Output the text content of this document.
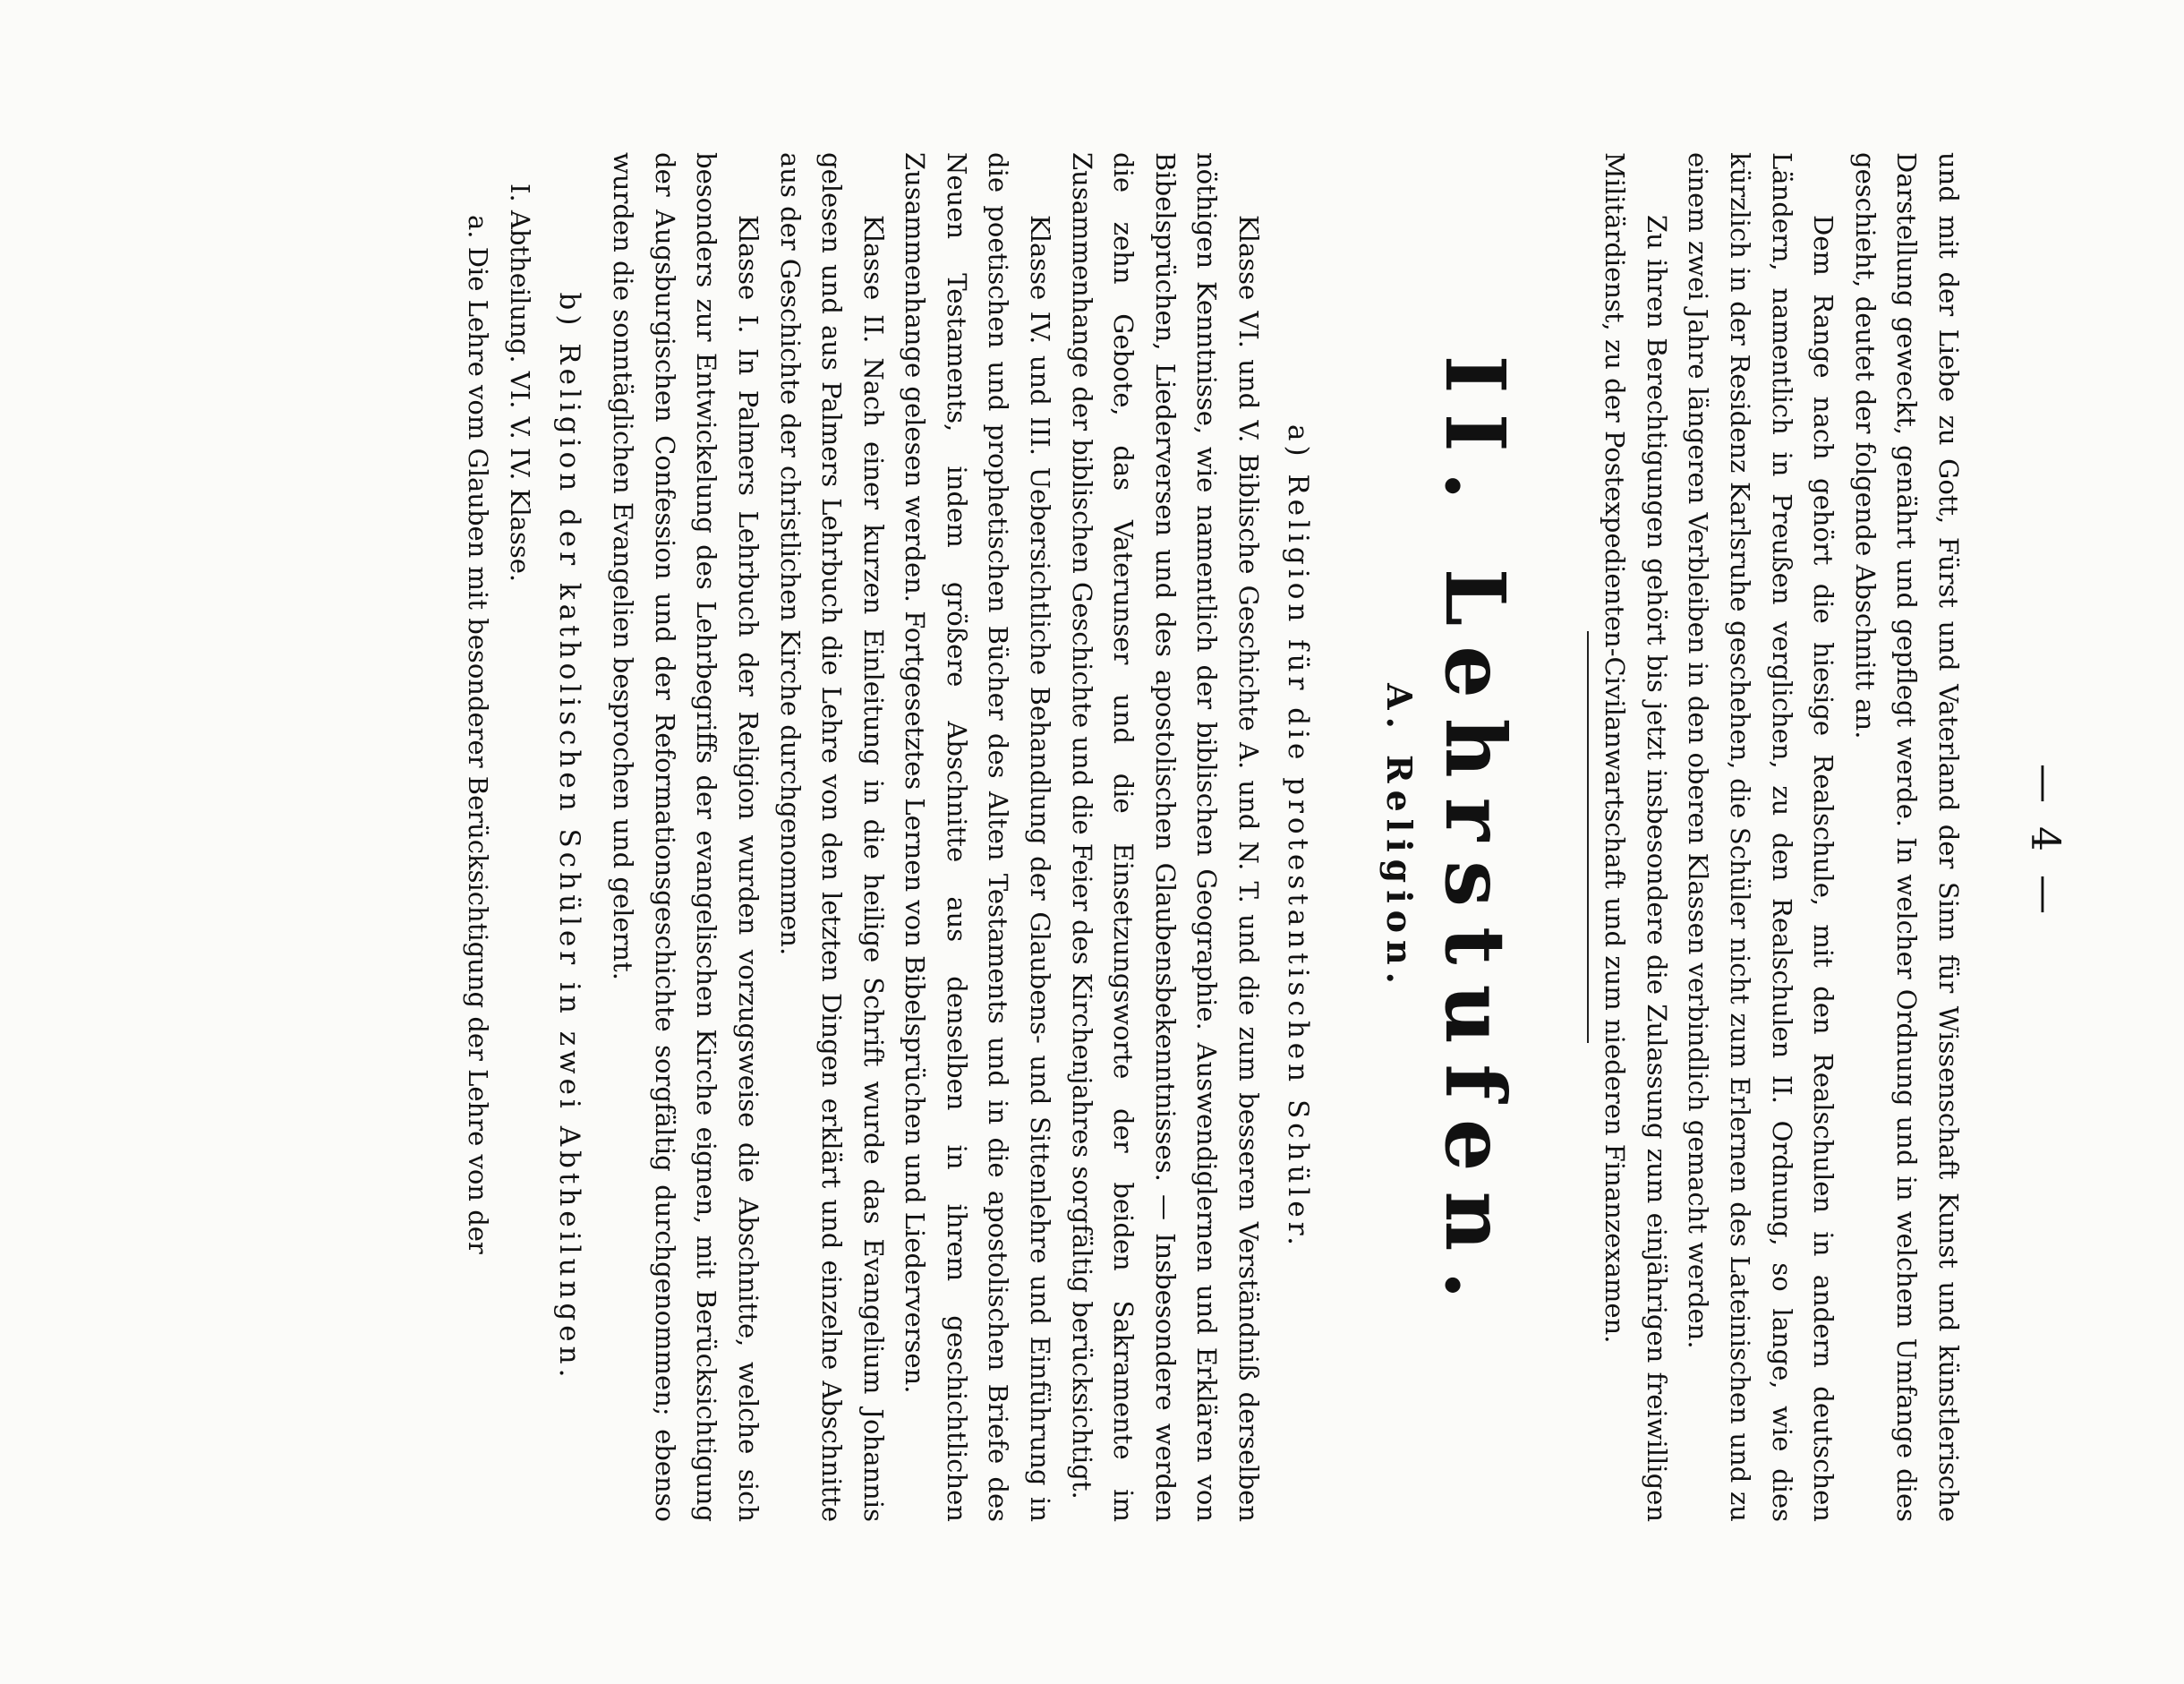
— 4 —

und mit der Liebe zu Gott, Fürst und Vaterland der Sinn für Wissenschaft Kunst und künstlerische Darstellung geweckt, genährt und gepflegt werde. In welcher Ordnung und in welchem Umfange dies geschieht, deutet der folgende Abschnitt an.

Dem Range nach gehört die hiesige Realschule, mit den Realschulen in andern deutschen Ländern, namentlich in Preußen verglichen, zu den Realschulen II. Ordnung, so lange, wie dies kürzlich in der Residenz Karlsruhe geschehen, die Schüler nicht zum Erlernen des Lateinischen und zu einem zwei Jahre längeren Verbleiben in den oberen Klassen verbindlich gemacht werden.

Zu ihren Berechtigungen gehört bis jetzt insbesondere die Zulassung zum einjährigen freiwilligen Militärdienst, zu der Postexpedienten-Civilanwartschaft und zum niederen Finanzexamen.

II. Lehrstufen.

A. Religion.

a) Religion für die protestantischen Schüler.

Klasse VI. und V. Biblische Geschichte A. und N. T. und die zum besseren Verständniß derselben nöthigen Kenntnisse, wie namentlich der biblischen Geographie. Auswendiglernen und Erklären von Bibelsprüchen, Liederversen und des apostolischen Glaubensbekenntnisses. — Insbesondere werden die zehn Gebote, das Vaterunser und die Einsetzungsworte der beiden Sakramente im Zusammenhange der biblischen Geschichte und die Feier des Kirchenjahres sorgfältig berücksichtigt.

Klasse IV. und III. Uebersichtliche Behandlung der Glaubens- und Sittenlehre und Einführung in die poetischen und prophetischen Bücher des Alten Testaments und in die apostolischen Briefe des Neuen Testaments, indem größere Abschnitte aus denselben in ihrem geschichtlichen Zusammenhange gelesen werden. Fortgesetztes Lernen von Bibelsprüchen und Liederversen.

Klasse II. Nach einer kurzen Einleitung in die heilige Schrift wurde das Evangelium Johannis gelesen und aus Palmers Lehrbuch die Lehre von den letzten Dingen erklärt und einzelne Abschnitte aus der Geschichte der christlichen Kirche durchgenommen.

Klasse I. In Palmers Lehrbuch der Religion wurden vorzugsweise die Abschnitte, welche sich besonders zur Entwickelung des Lehrbegriffs der evangelischen Kirche eignen, mit Berücksichtigung der Augsburgischen Confession und der Reformationsgeschichte sorgfältig durchgenommen; ebenso wurden die sonntäglichen Evangelien besprochen und gelernt.

b) Religion der katholischen Schüler in zwei Abtheilungen.

I. Abtheilung. VI. V. IV. Klasse.

a. Die Lehre vom Glauben mit besonderer Berücksichtigung der Lehre von der
